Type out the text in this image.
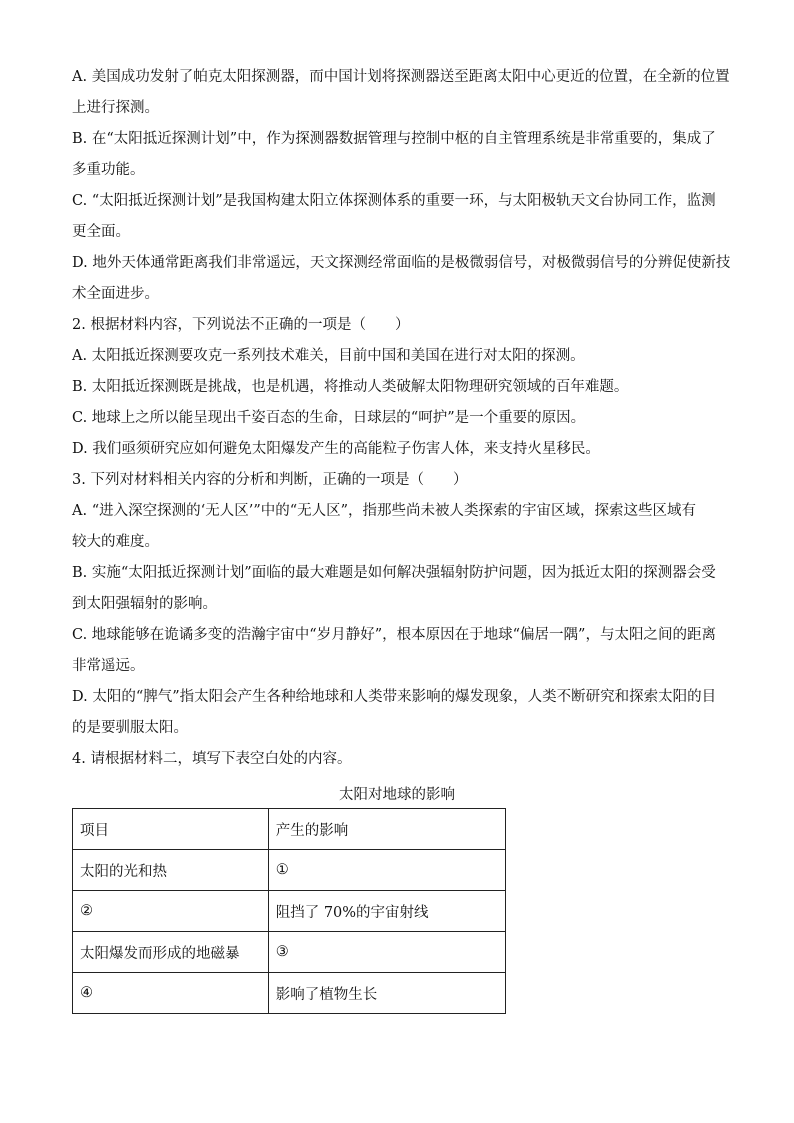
A. 美国成功发射了帕克太阳探测器，而中国计划将探测器送至距离太阳中心更近的位置，在全新的位置
上进行探测。
B. 在“太阳抵近探测计划”中，作为探测器数据管理与控制中枢的自主管理系统是非常重要的，集成了
多重功能。
C. “太阳抵近探测计划”是我国构建太阳立体探测体系的重要一环，与太阳极轨天文台协同工作，监测
更全面。
D. 地外天体通常距离我们非常遥远，天文探测经常面临的是极微弱信号，对极微弱信号的分辨促使新技
术全面进步。
2. 根据材料内容，下列说法不正确的一项是（　　）
A. 太阳抵近探测要攻克一系列技术难关，目前中国和美国在进行对太阳的探测。
B. 太阳抵近探测既是挑战，也是机遇，将推动人类破解太阳物理研究领域的百年难题。
C. 地球上之所以能呈现出千姿百态的生命，日球层的“呵护”是一个重要的原因。
D. 我们亟须研究应如何避免太阳爆发产生的高能粒子伤害人体，来支持火星移民。
3. 下列对材料相关内容的分析和判断，正确的一项是（　　）
A. “进入深空探测的‘无人区’”中的“无人区”，指那些尚未被人类探索的宇宙区域，探索这些区域有
较大的难度。
B. 实施“太阳抵近探测计划”面临的最大难题是如何解决强辐射防护问题，因为抵近太阳的探测器会受
到太阳强辐射的影响。
C. 地球能够在诡谲多变的浩瀚宇宙中“岁月静好”，根本原因在于地球“偏居一隅”，与太阳之间的距离
非常遥远。
D. 太阳的“脾气”指太阳会产生各种给地球和人类带来影响的爆发现象，人类不断研究和探索太阳的目
的是要驯服太阳。
4. 请根据材料二，填写下表空白处的内容。
太阳对地球的影响
项目	产生的影响
太阳的光和热	①
②	阻挡了 70%的宇宙射线
太阳爆发而形成的地磁暴	③
④	影响了植物生长
